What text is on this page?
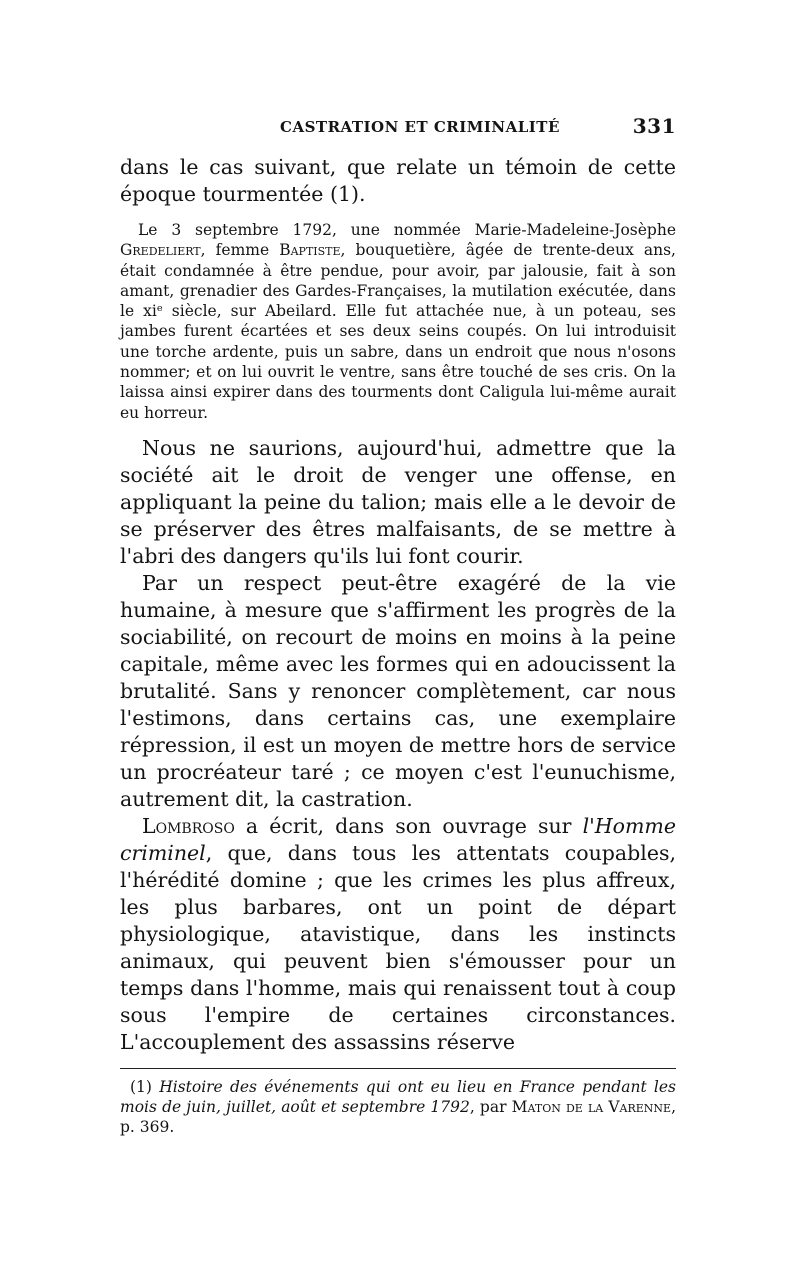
CASTRATION ET CRIMINALITÉ	331

dans le cas suivant, que relate un témoin de cette époque tourmentée (1).

Le 3 septembre 1792, une nommée Marie-Madeleine-Josèphe Gredeliert, femme Baptiste, bouquetière, âgée de trente-deux ans, était condamnée à être pendue, pour avoir, par jalousie, fait à son amant, grenadier des Gardes-Françaises, la mutilation exécutée, dans le xiᵉ siècle, sur Abeilard. Elle fut attachée nue, à un poteau, ses jambes furent écartées et ses deux seins coupés. On lui introduisit une torche ardente, puis un sabre, dans un endroit que nous n'osons nommer; et on lui ouvrit le ventre, sans être touché de ses cris. On la laissa ainsi expirer dans des tourments dont Caligula lui-même aurait eu horreur.

Nous ne saurions, aujourd'hui, admettre que la société ait le droit de venger une offense, en appliquant la peine du talion; mais elle a le devoir de se préserver des êtres malfaisants, de se mettre à l'abri des dangers qu'ils lui font courir.

Par un respect peut-être exagéré de la vie humaine, à mesure que s'affirment les progrès de la sociabilité, on recourt de moins en moins à la peine capitale, même avec les formes qui en adoucissent la brutalité. Sans y renoncer complètement, car nous l'estimons, dans certains cas, une exemplaire répression, il est un moyen de mettre hors de service un procréateur taré ; ce moyen c'est l'eunuchisme, autrement dit, la castration.

Lombroso a écrit, dans son ouvrage sur l'Homme criminel, que, dans tous les attentats coupables, l'hérédité domine ; que les crimes les plus affreux, les plus barbares, ont un point de départ physiologique, atavistique, dans les instincts animaux, qui peuvent bien s'émousser pour un temps dans l'homme, mais qui renaissent tout à coup sous l'empire de certaines circonstances. L'accouplement des assassins réserve

(1) Histoire des événements qui ont eu lieu en France pendant les mois de juin, juillet, août et septembre 1792, par Maton de la Varenne, p. 369.
